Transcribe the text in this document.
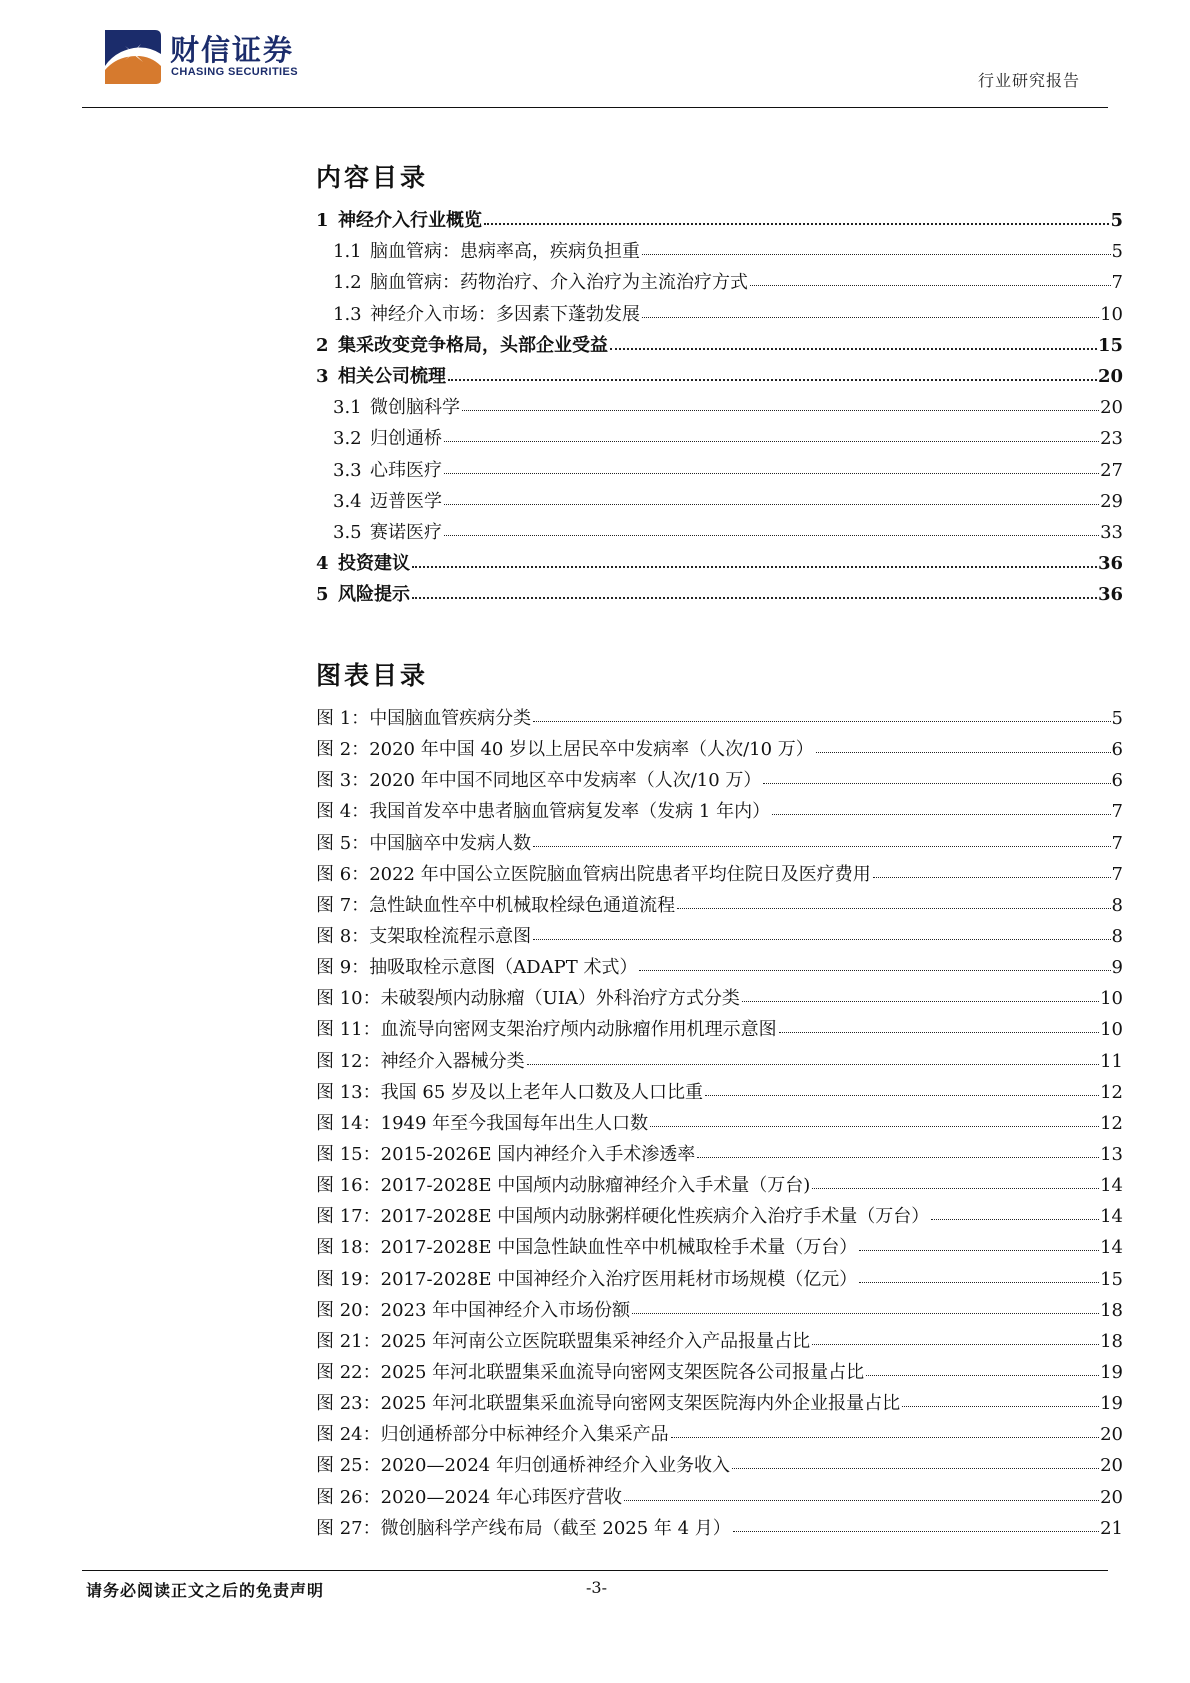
财信证券
CHASING SECURITIES	行业研究报告
内容目录
1 神经介入行业概览	5
1.1 脑血管病：患病率高，疾病负担重	5
1.2 脑血管病：药物治疗、介入治疗为主流治疗方式	7
1.3 神经介入市场：多因素下蓬勃发展	10
2 集采改变竞争格局，头部企业受益	15
3 相关公司梳理	20
3.1 微创脑科学	20
3.2 归创通桥	23
3.3 心玮医疗	27
3.4 迈普医学	29
3.5 赛诺医疗	33
4 投资建议	36
5 风险提示	36
图表目录
图 1：中国脑血管疾病分类	5
图 2：2020 年中国 40 岁以上居民卒中发病率（人次/10 万）	6
图 3：2020 年中国不同地区卒中发病率（人次/10 万）	6
图 4：我国首发卒中患者脑血管病复发率（发病 1 年内）	7
图 5：中国脑卒中发病人数	7
图 6：2022 年中国公立医院脑血管病出院患者平均住院日及医疗费用	7
图 7：急性缺血性卒中机械取栓绿色通道流程	8
图 8：支架取栓流程示意图	8
图 9：抽吸取栓示意图（ADAPT 术式）	9
图 10：未破裂颅内动脉瘤（UIA）外科治疗方式分类	10
图 11：血流导向密网支架治疗颅内动脉瘤作用机理示意图	10
图 12：神经介入器械分类	11
图 13：我国 65 岁及以上老年人口数及人口比重	12
图 14：1949 年至今我国每年出生人口数	12
图 15：2015-2026E 国内神经介入手术渗透率	13
图 16：2017-2028E 中国颅内动脉瘤神经介入手术量（万台)	14
图 17：2017-2028E 中国颅内动脉粥样硬化性疾病介入治疗手术量（万台）	14
图 18：2017-2028E 中国急性缺血性卒中机械取栓手术量（万台）	14
图 19：2017-2028E 中国神经介入治疗医用耗材市场规模（亿元）	15
图 20：2023 年中国神经介入市场份额	18
图 21：2025 年河南公立医院联盟集采神经介入产品报量占比	18
图 22：2025 年河北联盟集采血流导向密网支架医院各公司报量占比	19
图 23：2025 年河北联盟集采血流导向密网支架医院海内外企业报量占比	19
图 24：归创通桥部分中标神经介入集采产品	20
图 25：2020—2024 年归创通桥神经介入业务收入	20
图 26：2020—2024 年心玮医疗营收	20
图 27：微创脑科学产线布局（截至 2025 年 4 月）	21
请务必阅读正文之后的免责声明	-3-
